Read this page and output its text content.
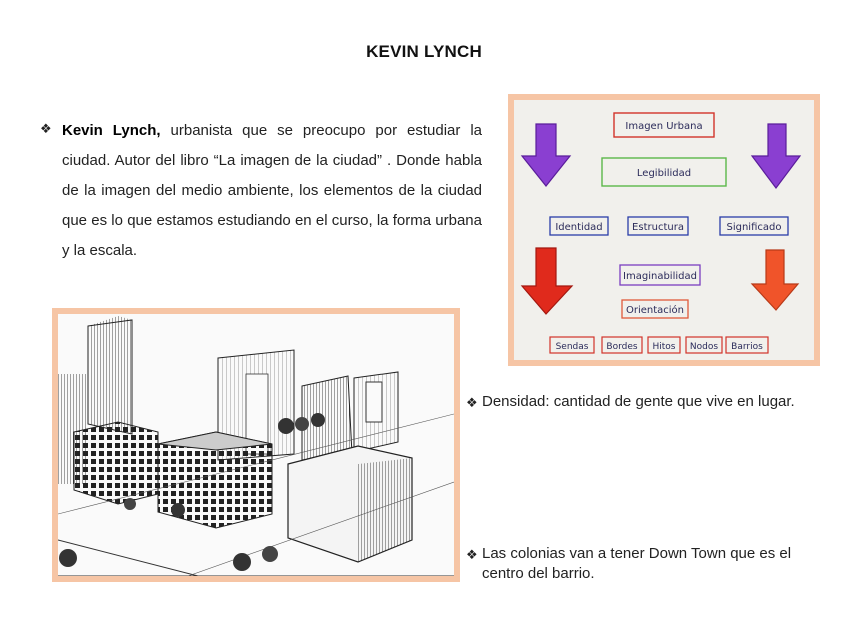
KEVIN LYNCH
❖ Kevin Lynch, urbanista que se preocupo por estudiar la ciudad. Autor del libro “La imagen de la ciudad” . Donde habla de la imagen del medio ambiente, los elementos de la ciudad que es lo que estamos estudiando en el curso, la forma urbana y la escala.
Imagen Urbana
Legibilidad
Identidad	Estructura	Significado
Imaginabilidad
Orientación
Sendas Bordes Hitos Nodos Barrios
❖ Densidad: cantidad de gente que vive en lugar.
❖ Las colonias van a tener Down Town que es el centro del barrio.
